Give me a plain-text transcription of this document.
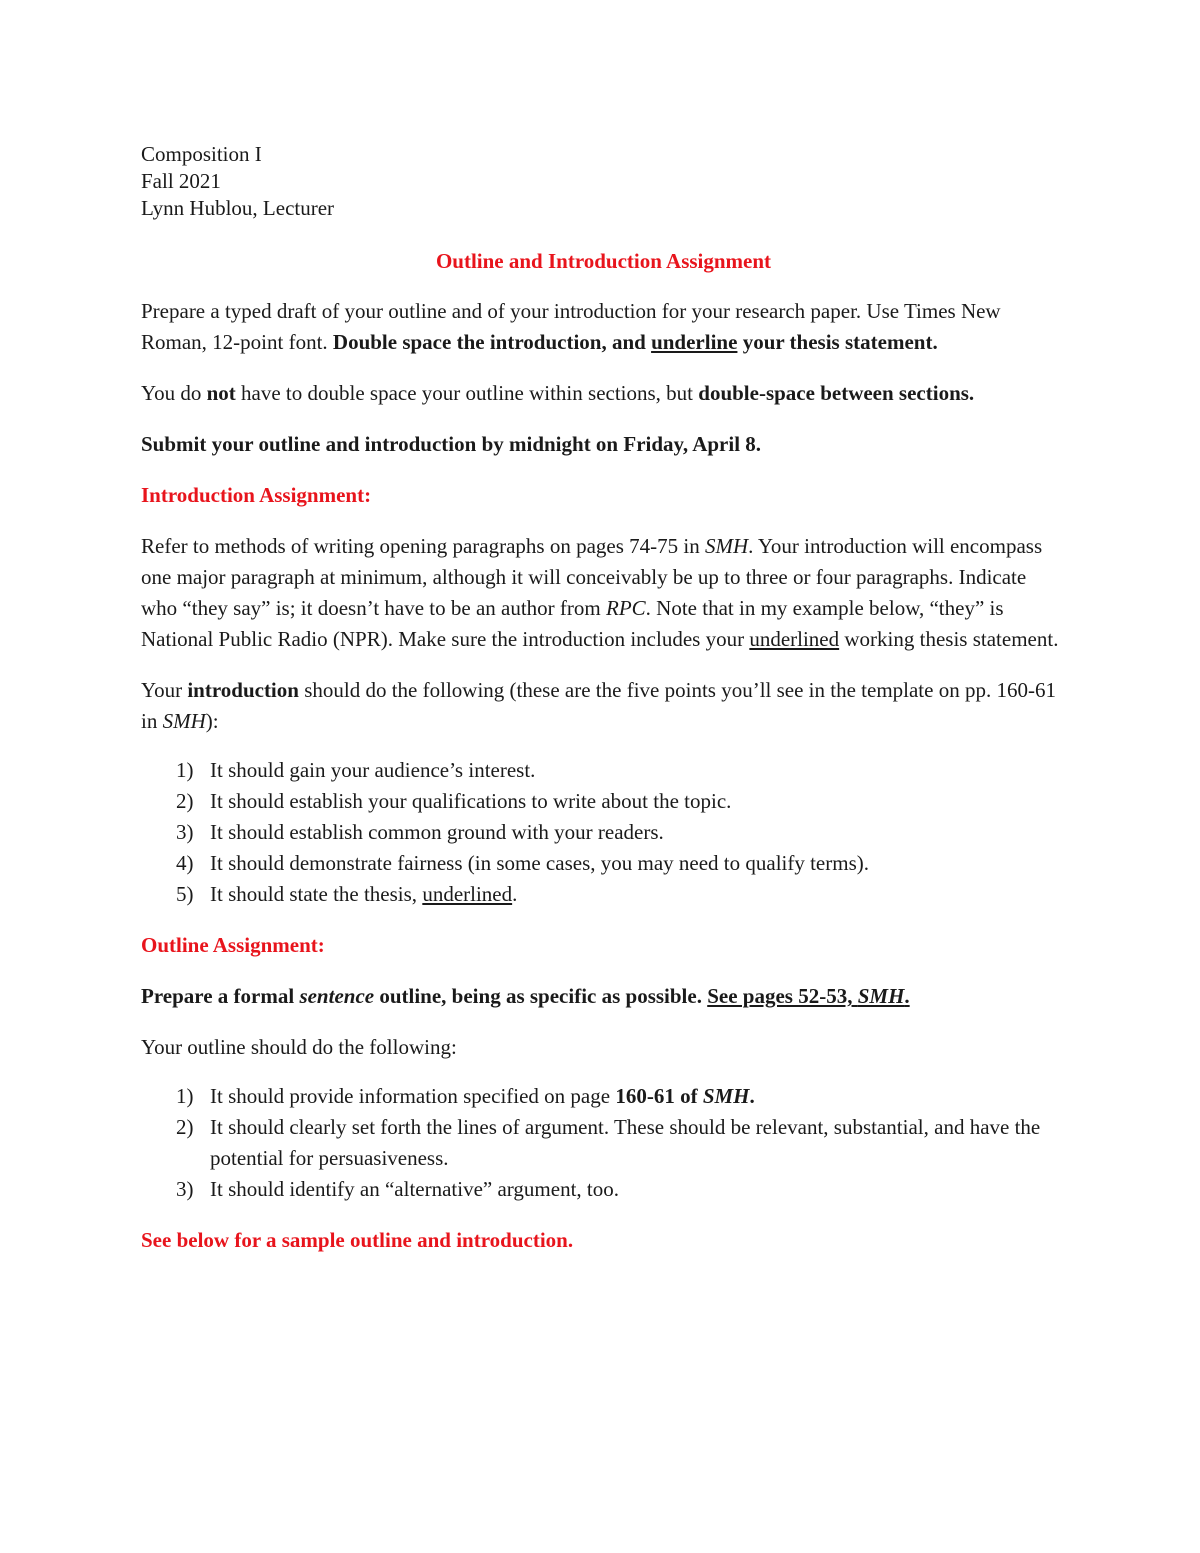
Composition I

Fall 2021

Lynn Hublou, Lecturer

Outline and Introduction Assignment

Prepare a typed draft of your outline and of your introduction for your research paper. Use Times New Roman, 12-point font. Double space the introduction, and underline your thesis statement.

You do not have to double space your outline within sections, but double-space between sections.

Submit your outline and introduction by midnight on Friday, April 8.

Introduction Assignment:

Refer to methods of writing opening paragraphs on pages 74-75 in SMH. Your introduction will encompass one major paragraph at minimum, although it will conceivably be up to three or four paragraphs. Indicate who “they say” is; it doesn’t have to be an author from RPC. Note that in my example below, “they” is National Public Radio (NPR). Make sure the introduction includes your underlined working thesis statement.

Your introduction should do the following (these are the five points you’ll see in the template on pp. 160-61 in SMH):

1) It should gain your audience’s interest.
2) It should establish your qualifications to write about the topic.
3) It should establish common ground with your readers.
4) It should demonstrate fairness (in some cases, you may need to qualify terms).
5) It should state the thesis, underlined.

Outline Assignment:

Prepare a formal sentence outline, being as specific as possible. See pages 52-53, SMH.

Your outline should do the following:

1) It should provide information specified on page 160-61 of SMH.
2) It should clearly set forth the lines of argument. These should be relevant, substantial, and have the potential for persuasiveness.
3) It should identify an “alternative” argument, too.

See below for a sample outline and introduction.
